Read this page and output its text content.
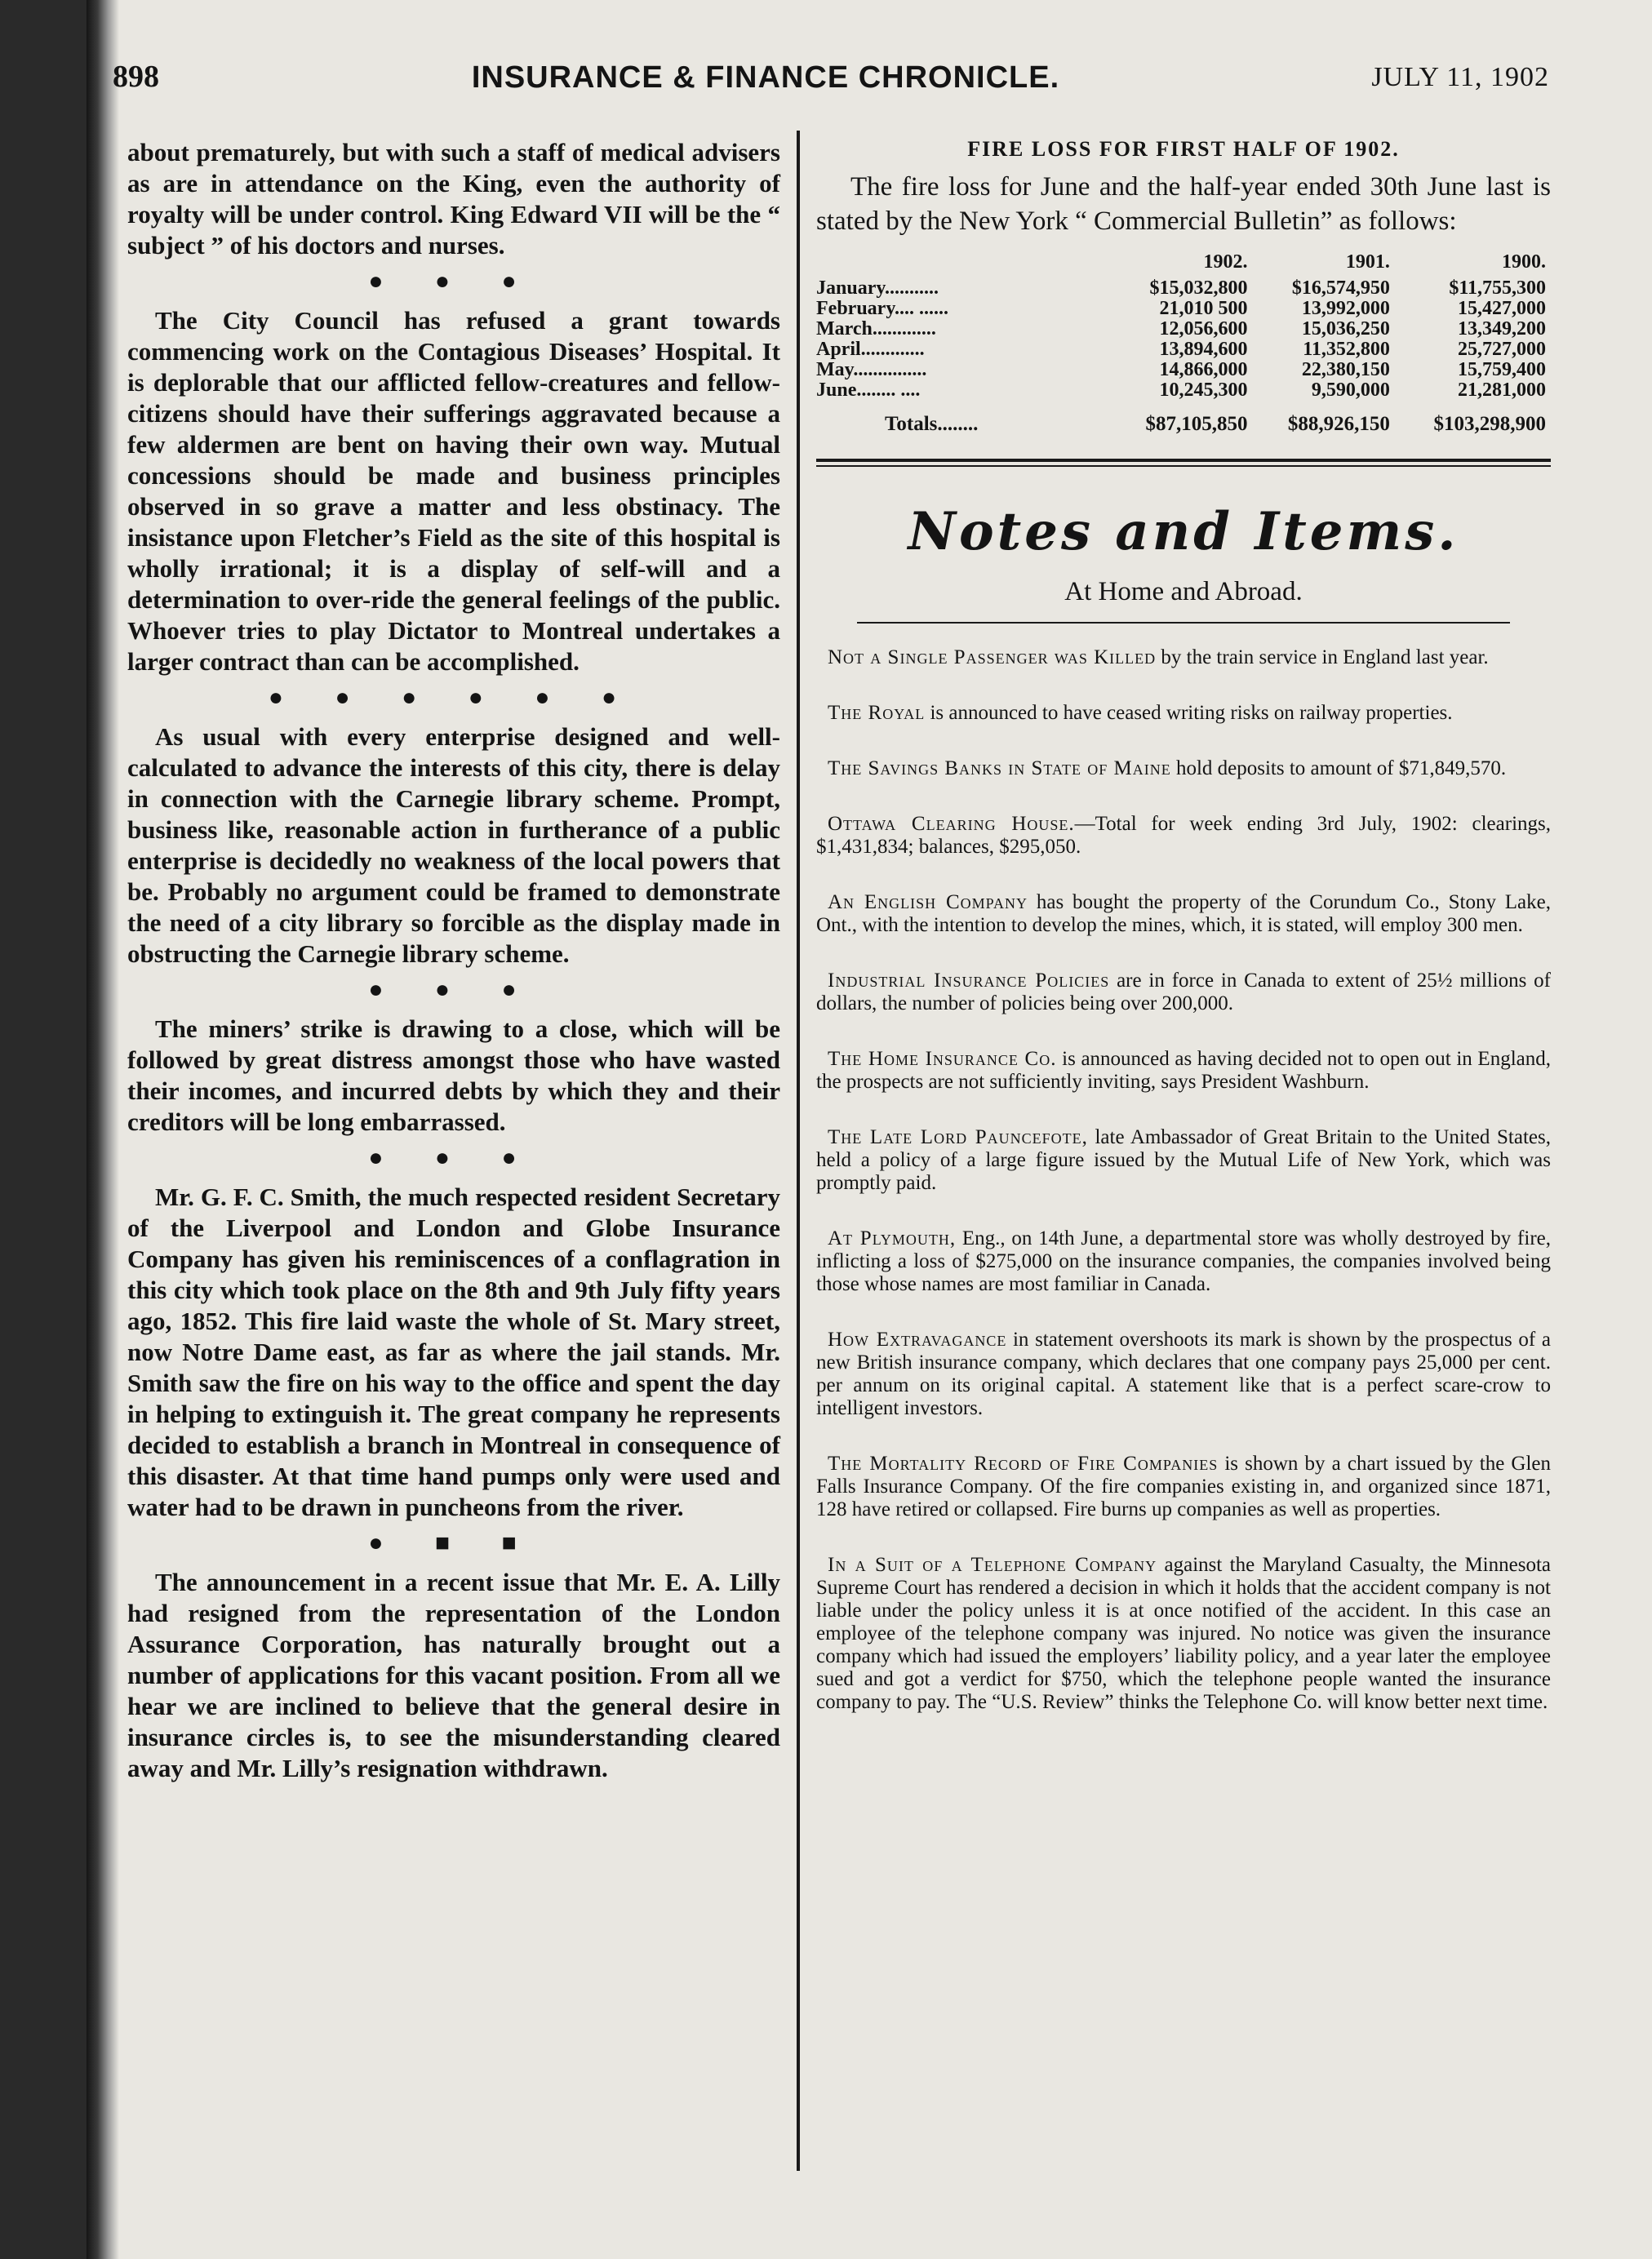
898	INSURANCE & FINANCE CHRONICLE.	JULY 11, 1902

about prematurely, but with such a staff of medical advisers as are in attendance on the King, even the authority of royalty will be under control. King Edward VII will be the “ subject ” of his doctors and nurses.

● ● ●

The City Council has refused a grant towards commencing work on the Contagious Diseases’ Hospital. It is deplorable that our afflicted fellow-creatures and fellow-citizens should have their sufferings aggravated because a few aldermen are bent on having their own way. Mutual concessions should be made and business principles observed in so grave a matter and less obstinacy. The insistance upon Fletcher’s Field as the site of this hospital is wholly irrational; it is a display of self-will and a determination to over-ride the general feelings of the public. Whoever tries to play Dictator to Montreal undertakes a larger contract than can be accomplished.

● ● ● ● ● ●

As usual with every enterprise designed and well-calculated to advance the interests of this city, there is delay in connection with the Carnegie library scheme. Prompt, business like, reasonable action in furtherance of a public enterprise is decidedly no weakness of the local powers that be. Probably no argument could be framed to demonstrate the need of a city library so forcible as the display made in obstructing the Carnegie library scheme.

● ● ●

The miners’ strike is drawing to a close, which will be followed by great distress amongst those who have wasted their incomes, and incurred debts by which they and their creditors will be long embarrassed.

● ● ●

Mr. G. F. C. Smith, the much respected resident Secretary of the Liverpool and London and Globe Insurance Company has given his reminiscences of a conflagration in this city which took place on the 8th and 9th July fifty years ago, 1852. This fire laid waste the whole of St. Mary street, now Notre Dame east, as far as where the jail stands. Mr. Smith saw the fire on his way to the office and spent the day in helping to extinguish it. The great company he represents decided to establish a branch in Montreal in consequence of this disaster. At that time hand pumps only were used and water had to be drawn in puncheons from the river.

● ■ ■

The announcement in a recent issue that Mr. E. A. Lilly had resigned from the representation of the London Assurance Corporation, has naturally brought out a number of applications for this vacant position. From all we hear we are inclined to believe that the general desire in insurance circles is, to see the misunderstanding cleared away and Mr. Lilly’s resignation withdrawn.

FIRE LOSS FOR FIRST HALF OF 1902.

The fire loss for June and the half-year ended 30th June last is stated by the New York “ Commercial Bulletin” as follows:

	1902.	1901.	1900.
January...........	$15,032,800	$16,574,950	$11,755,300
February.... ......	21,010 500	13,992,000	15,427,000
March.............	12,056,600	15,036,250	13,349,200
April.............	13,894,600	11,352,800	25,727,000
May...............	14,866,000	22,380,150	15,759,400
June........ ....	10,245,300	9,590,000	21,281,000
Totals........	$87,105,850	$88,926,150	$103,298,900
Notes and Items.
At Home and Abroad.
Not a Single Passenger was Killed by the train service in England last year.
The Royal is announced to have ceased writing risks on railway properties.
The Savings Banks in State of Maine hold deposits to amount of $71,849,570.
Ottawa Clearing House.—Total for week ending 3rd July, 1902: clearings, $1,431,834; balances, $295,050.
An English Company has bought the property of the Corundum Co., Stony Lake, Ont., with the intention to develop the mines, which, it is stated, will employ 300 men.
Industrial Insurance Policies are in force in Canada to extent of 25½ millions of dollars, the number of policies being over 200,000.
The Home Insurance Co. is announced as having decided not to open out in England, the prospects are not sufficiently inviting, says President Washburn.
The Late Lord Pauncefote, late Ambassador of Great Britain to the United States, held a policy of a large figure issued by the Mutual Life of New York, which was promptly paid.
At Plymouth, Eng., on 14th June, a departmental store was wholly destroyed by fire, inflicting a loss of $275,000 on the insurance companies, the companies involved being those whose names are most familiar in Canada.
How Extravagance in statement overshoots its mark is shown by the prospectus of a new British insurance company, which declares that one company pays 25,000 per cent. per annum on its original capital. A statement like that is a perfect scare-crow to intelligent investors.
The Mortality Record of Fire Companies is shown by a chart issued by the Glen Falls Insurance Company. Of the fire companies existing in, and organized since 1871, 128 have retired or collapsed. Fire burns up companies as well as properties.
In a Suit of a Telephone Company against the Maryland Casualty, the Minnesota Supreme Court has rendered a decision in which it holds that the accident company is not liable under the policy unless it is at once notified of the accident. In this case an employee of the telephone company was injured. No notice was given the insurance company which had issued the employers’ liability policy, and a year later the employee sued and got a verdict for $750, which the telephone people wanted the insurance company to pay. The “U.S. Review” thinks the Telephone Co. will know better next time.
